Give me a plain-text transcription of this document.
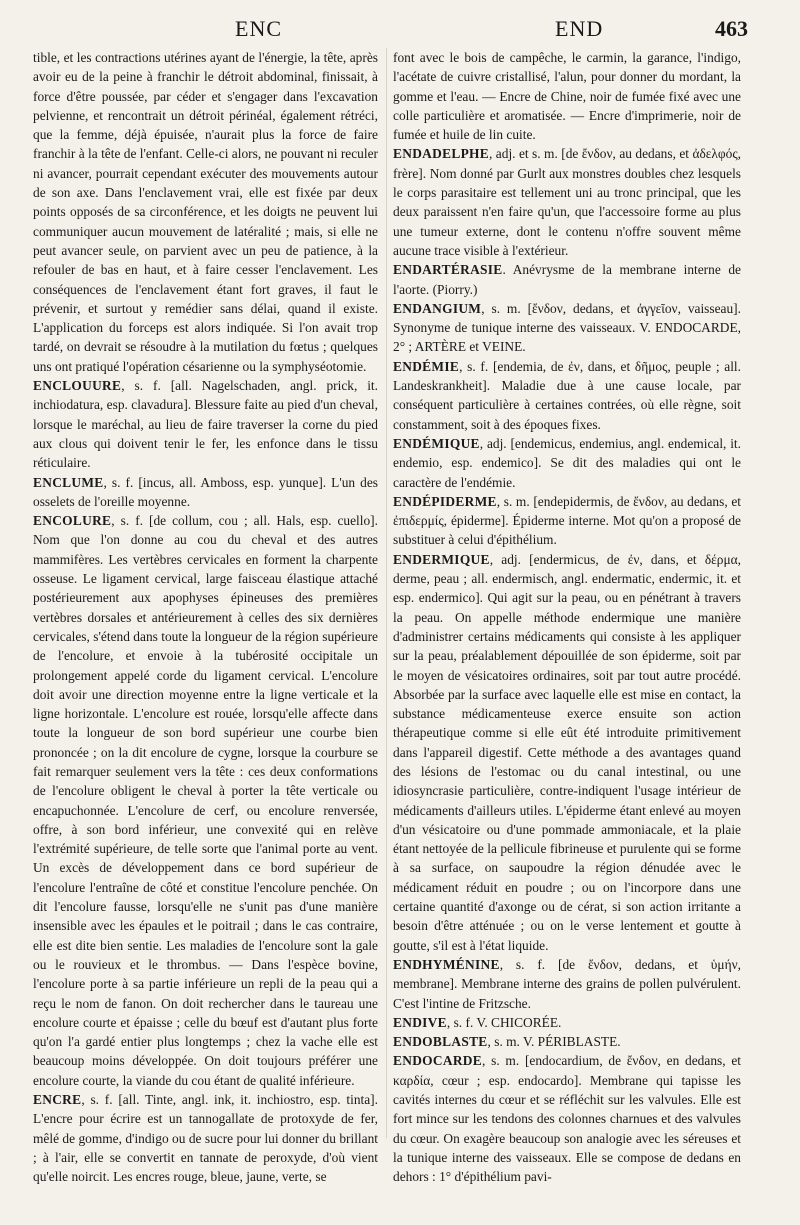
ENC	END	463

tible, et les contractions utérines ayant de l'énergie, la tête, après avoir eu de la peine à franchir le détroit abdominal, finissait, à force d'être poussée, par céder et s'engager dans l'excavation pelvienne, et rencontrait un détroit périnéal, également rétréci, que la femme, déjà épuisée, n'aurait plus la force de faire franchir à la tête de l'enfant. Celle-ci alors, ne pouvant ni reculer ni avancer, pourrait cependant exécuter des mouvements autour de son axe. Dans l'enclavement vrai, elle est fixée par deux points opposés de sa circonférence, et les doigts ne peuvent lui communiquer aucun mouvement de latéralité ; mais, si elle ne peut avancer seule, on parvient avec un peu de patience, à la refouler de bas en haut, et à faire cesser l'enclavement. Les conséquences de l'enclavement étant fort graves, il faut le prévenir, et surtout y remédier sans délai, quand il existe. L'application du forceps est alors indiquée. Si l'on avait trop tardé, on devrait se résoudre à la mutilation du fœtus ; quelques uns ont pratiqué l'opération césarienne ou la symphyséotomie.

ENCLOUURE, s. f. [all. Nagelschaden, angl. prick, it. inchiodatura, esp. clavadura]. Blessure faite au pied d'un cheval, lorsque le maréchal, au lieu de faire traverser la corne du pied aux clous qui doivent tenir le fer, les enfonce dans le tissu réticulaire.

ENCLUME, s. f. [incus, all. Amboss, esp. yunque]. L'un des osselets de l'oreille moyenne.

ENCOLURE, s. f. [de collum, cou ; all. Hals, esp. cuello]. Nom que l'on donne au cou du cheval et des autres mammifères. Les vertèbres cervicales en forment la charpente osseuse. Le ligament cervical, large faisceau élastique attaché postérieurement aux apophyses épineuses des premières vertèbres dorsales et antérieurement à celles des six dernières cervicales, s'étend dans toute la longueur de la région supérieure de l'encolure, et envoie à la tubérosité occipitale un prolongement appelé corde du ligament cervical. L'encolure doit avoir une direction moyenne entre la ligne verticale et la ligne horizontale. L'encolure est rouée, lorsqu'elle affecte dans toute la longueur de son bord supérieur une courbe bien prononcée ; on la dit encolure de cygne, lorsque la courbure se fait remarquer seulement vers la tête : ces deux conformations de l'encolure obligent le cheval à porter la tête verticale ou encapuchonnée. L'encolure de cerf, ou encolure renversée, offre, à son bord inférieur, une convexité qui en relève l'extrémité supérieure, de telle sorte que l'animal porte au vent. Un excès de développement dans ce bord supérieur de l'encolure l'entraîne de côté et constitue l'encolure penchée. On dit l'encolure fausse, lorsqu'elle ne s'unit pas d'une manière insensible avec les épaules et le poitrail ; dans le cas contraire, elle est dite bien sentie. Les maladies de l'encolure sont la gale ou le rouvieux et le thrombus. — Dans l'espèce bovine, l'encolure porte à sa partie inférieure un repli de la peau qui a reçu le nom de fanon. On doit rechercher dans le taureau une encolure courte et épaisse ; celle du bœuf est d'autant plus forte qu'on l'a gardé entier plus longtemps ; chez la vache elle est beaucoup moins développée. On doit toujours préférer une encolure courte, la viande du cou étant de qualité inférieure.

ENCRE, s. f. [all. Tinte, angl. ink, it. inchiostro, esp. tinta]. L'encre pour écrire est un tannogallate de protoxyde de fer, mêlé de gomme, d'indigo ou de sucre pour lui donner du brillant ; à l'air, elle se convertit en tannate de peroxyde, d'où vient qu'elle noircit. Les encres rouge, bleue, jaune, verte, se

font avec le bois de campêche, le carmin, la garance, l'indigo, l'acétate de cuivre cristallisé, l'alun, pour donner du mordant, la gomme et l'eau. — Encre de Chine, noir de fumée fixé avec une colle particulière et aromatisée. — Encre d'imprimerie, noir de fumée et huile de lin cuite.

ENDADELPHE, adj. et s. m. [de ἔνδον, au dedans, et ἀδελφός, frère]. Nom donné par Gurlt aux monstres doubles chez lesquels le corps parasitaire est tellement uni au tronc principal, que les deux paraissent n'en faire qu'un, que l'accessoire forme au plus une tumeur externe, dont le contenu n'offre souvent même aucune trace visible à l'extérieur.

ENDARTÉRASIE. Anévrysme de la membrane interne de l'aorte. (Piorry.)

ENDANGIUM, s. m. [ἔνδον, dedans, et ἀγγεῖον, vaisseau]. Synonyme de tunique interne des vaisseaux. V. ENDOCARDE, 2° ; ARTÈRE et VEINE.

ENDÉMIE, s. f. [endemia, de ἐν, dans, et δῆμος, peuple ; all. Landeskrankheit]. Maladie due à une cause locale, par conséquent particulière à certaines contrées, où elle règne, soit constamment, soit à des époques fixes.

ENDÉMIQUE, adj. [endemicus, endemius, angl. endemical, it. endemio, esp. endemico]. Se dit des maladies qui ont le caractère de l'endémie.

ENDÉPIDERME, s. m. [endepidermis, de ἔνδον, au dedans, et ἐπιδερμίς, épiderme]. Épiderme interne. Mot qu'on a proposé de substituer à celui d'épithélium.

ENDERMIQUE, adj. [endermicus, de ἐν, dans, et δέρμα, derme, peau ; all. endermisch, angl. endermatic, endermic, it. et esp. endermico]. Qui agit sur la peau, ou en pénétrant à travers la peau. On appelle méthode endermique une manière d'administrer certains médicaments qui consiste à les appliquer sur la peau, préalablement dépouillée de son épiderme, soit par le moyen de vésicatoires ordinaires, soit par tout autre procédé. Absorbée par la surface avec laquelle elle est mise en contact, la substance médicamenteuse exerce ensuite son action thérapeutique comme si elle eût été introduite primitivement dans l'appareil digestif. Cette méthode a des avantages quand des lésions de l'estomac ou du canal intestinal, ou une idiosyncrasie particulière, contre-indiquent l'usage intérieur de médicaments d'ailleurs utiles. L'épiderme étant enlevé au moyen d'un vésicatoire ou d'une pommade ammoniacale, et la plaie étant nettoyée de la pellicule fibrineuse et purulente qui se forme à sa surface, on saupoudre la région dénudée avec le médicament réduit en poudre ; ou on l'incorpore dans une certaine quantité d'axonge ou de cérat, si son action irritante a besoin d'être atténuée ; ou on le verse lentement et goutte à goutte, s'il est à l'état liquide.

ENDHYMÉNINE, s. f. [de ἔνδον, dedans, et ὑμήν, membrane]. Membrane interne des grains de pollen pulvérulent. C'est l'intine de Fritzsche.

ENDIVE, s. f. V. CHICORÉE.

ENDOBLASTE, s. m. V. PÉRIBLASTE.

ENDOCARDE, s. m. [endocardium, de ἔνδον, en dedans, et καρδία, cœur ; esp. endocardo]. Membrane qui tapisse les cavités internes du cœur et se réfléchit sur les valvules. Elle est fort mince sur les tendons des colonnes charnues et des valvules du cœur. On exagère beaucoup son analogie avec les séreuses et la tunique interne des vaisseaux. Elle se compose de dedans en dehors : 1° d'épithélium pavi-
